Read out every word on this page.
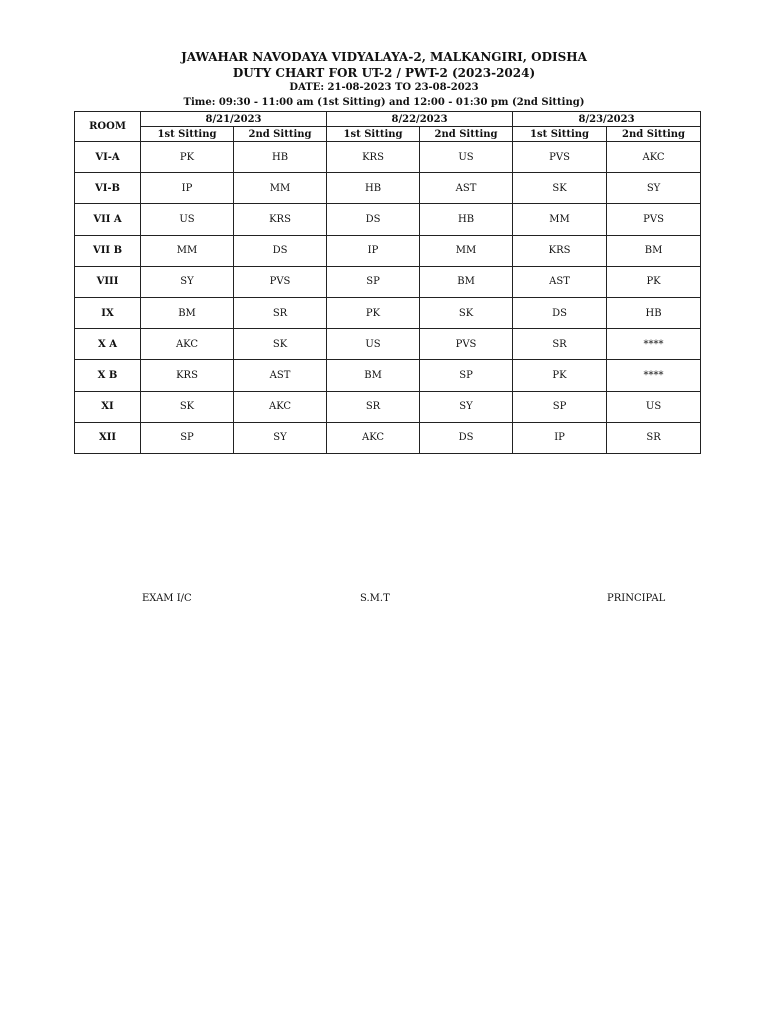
JAWAHAR NAVODAYA VIDYALAYA-2, MALKANGIRI, ODISHA
DUTY CHART FOR UT-2 / PWT-2 (2023-2024)
DATE: 21-08-2023 TO 23-08-2023
Time: 09:30 - 11:00 am (1st Sitting) and 12:00 - 01:30 pm (2nd Sitting)
ROOM	8/21/2023		8/22/2023		8/23/2023	
	1st Sitting	2nd Sitting	1st Sitting	2nd Sitting	1st Sitting	2nd Sitting
VI-A	PK	HB	KRS	US	PVS	AKC
VI-B	IP	MM	HB	AST	SK	SY
VII A	US	KRS	DS	HB	MM	PVS
VII B	MM	DS	IP	MM	KRS	BM
VIII	SY	PVS	SP	BM	AST	PK
IX	BM	SR	PK	SK	DS	HB
X A	AKC	SK	US	PVS	SR	****
X B	KRS	AST	BM	SP	PK	****
XI	SK	AKC	SR	SY	SP	US
XII	SP	SY	AKC	DS	IP	SR
EXAM I/C	S.M.T	PRINCIPAL
